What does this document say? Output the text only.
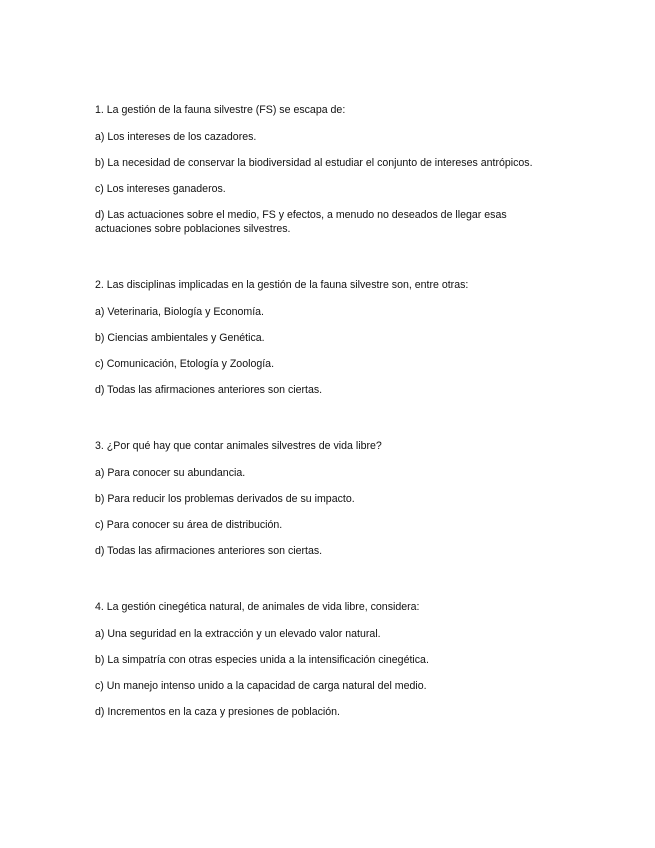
1. La gestión de la fauna silvestre (FS) se escapa de:
a) Los intereses de los cazadores.
b) La necesidad de conservar la biodiversidad al estudiar el conjunto de intereses antrópicos.
c) Los intereses ganaderos.
d) Las actuaciones sobre el medio, FS y efectos, a menudo no deseados de llegar esas actuaciones sobre poblaciones silvestres.
2. Las disciplinas implicadas en la gestión de la fauna silvestre son, entre otras:
a) Veterinaria, Biología y Economía.
b) Ciencias ambientales y Genética.
c) Comunicación, Etología y Zoología.
d) Todas las afirmaciones anteriores son ciertas.
3. ¿Por qué hay que contar animales silvestres de vida libre?
a) Para conocer su abundancia.
b) Para reducir los problemas derivados de su impacto.
c) Para conocer su área de distribución.
d) Todas las afirmaciones anteriores son ciertas.
4. La gestión cinegética natural, de animales de vida libre, considera:
a) Una seguridad en la extracción y un elevado valor natural.
b) La simpatría con otras especies unida a la intensificación cinegética.
c) Un manejo intenso unido a la capacidad de carga natural del medio.
d) Incrementos en la caza y presiones de población.
